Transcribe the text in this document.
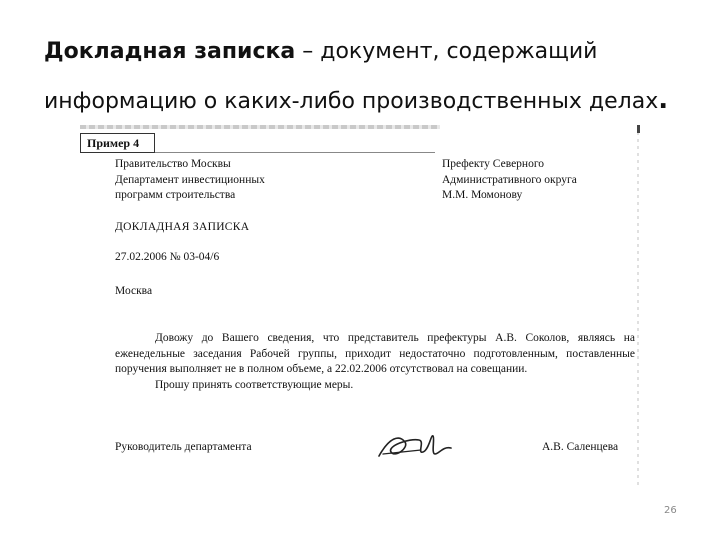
Докладная записка – документ, содержащий
информацию о каких-либо производственных делах.
Пример 4
Правительство Москвы
Департамент инвестиционных
программ строительства
Префекту Северного
Административного округа
М.М. Момонову
ДОКЛАДНАЯ ЗАПИСКА
27.02.2006 № 03-04/6
Москва

Довожу до Вашего сведения, что представитель префектуры А.В. Соколов, являясь на еженедельные заседания Рабочей группы, приходит недостаточно подготовленным, поставленные поручения выполняет не в полном объеме, а 22.02.2006 отсутствовал на совещании.

Прошу принять соответствующие меры.

Руководитель департамента	А.В. Саленцева
26
